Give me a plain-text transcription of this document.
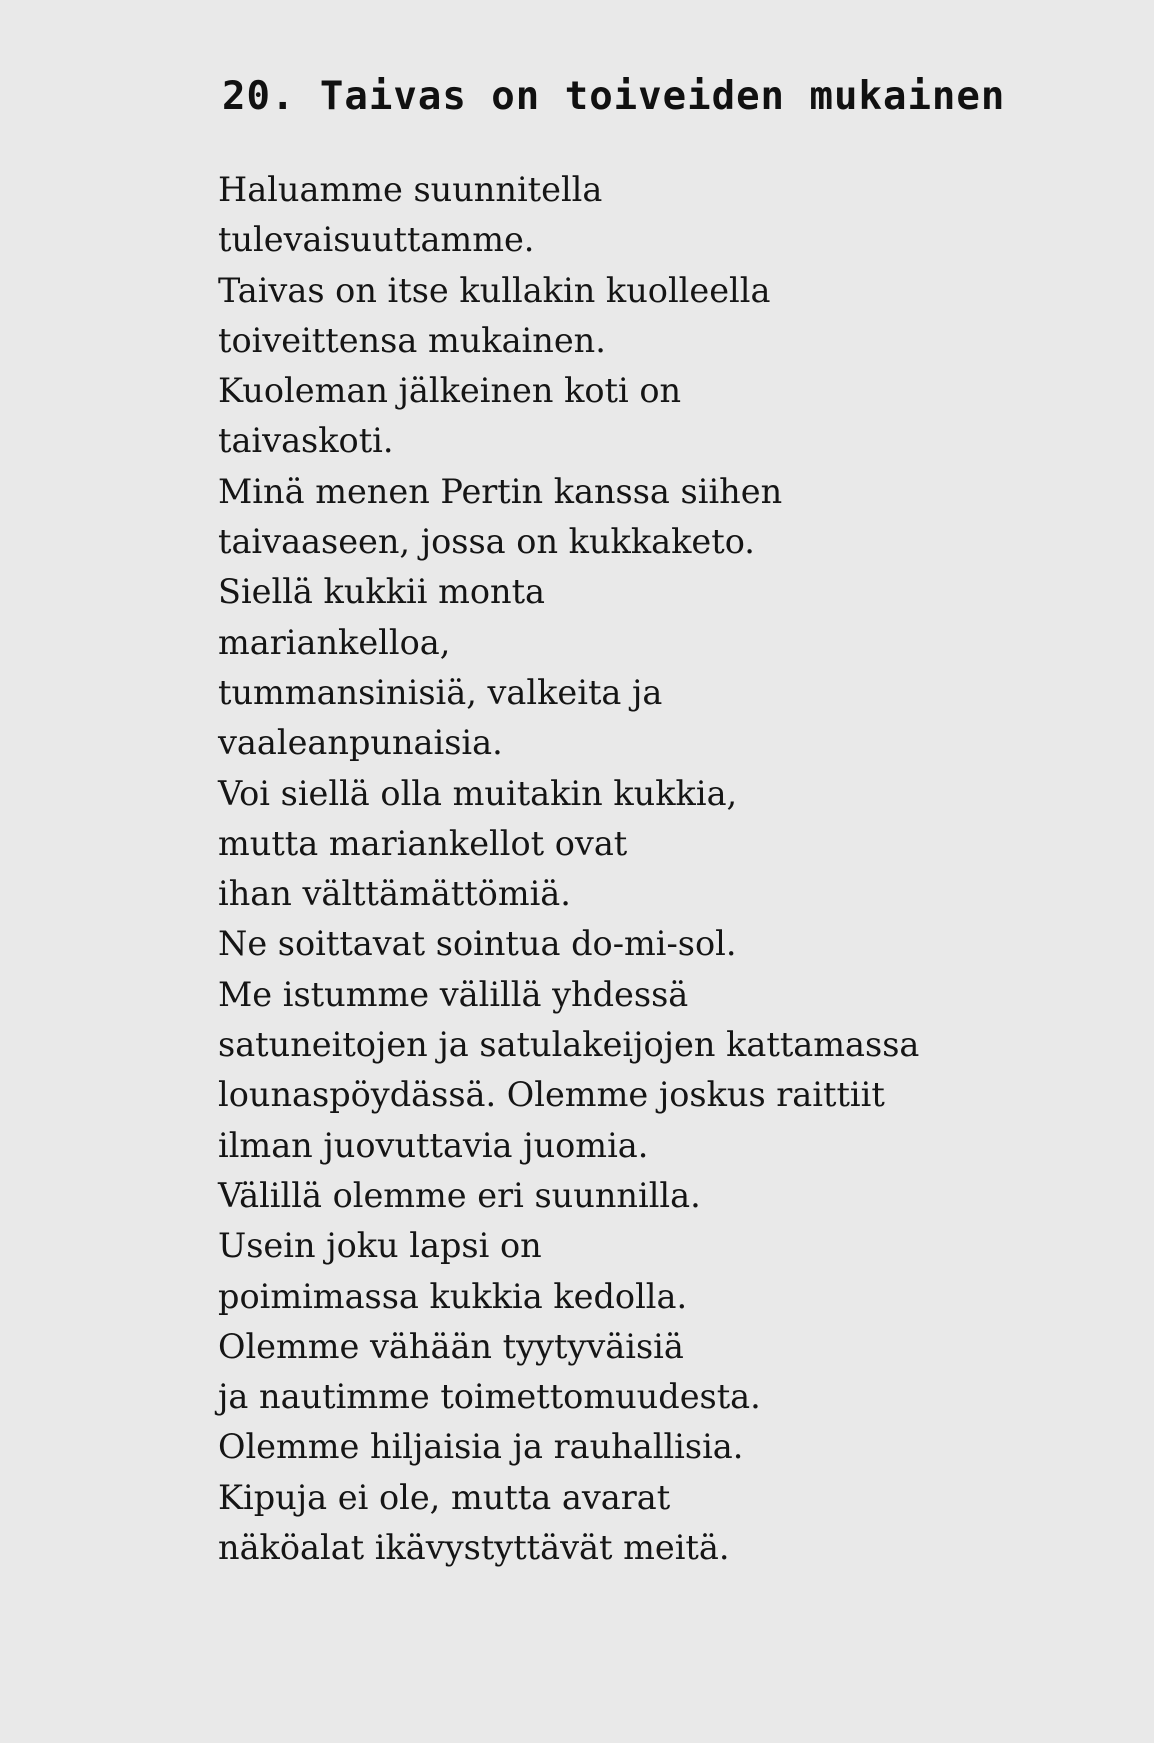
20. Taivas on toiveiden mukainen
Haluamme suunnitella
tulevaisuuttamme.
Taivas on itse kullakin kuolleella
toiveittensa mukainen.
Kuoleman jälkeinen koti on
taivaskoti.
Minä menen Pertin kanssa siihen
taivaaseen, jossa on kukkaketo.
Siellä kukkii monta
mariankelloa,
tummansinisiä, valkeita ja
vaaleanpunaisia.
Voi siellä olla muitakin kukkia,
mutta mariankellot ovat
ihan välttämättömiä.
Ne soittavat sointua do-mi-sol.
Me istumme välillä yhdessä
satuneitojen ja satulakeijojen kattamassa
lounaspöydässä. Olemme joskus raittiit
ilman juovuttavia juomia.
Välillä olemme eri suunnilla.
Usein joku lapsi on
poimimassa kukkia kedolla.
Olemme vähään tyytyväisiä
ja nautimme toimettomuudesta.
Olemme hiljaisia ja rauhallisia.
Kipuja ei ole, mutta avarat
näköalat ikävystyttävät meitä.
